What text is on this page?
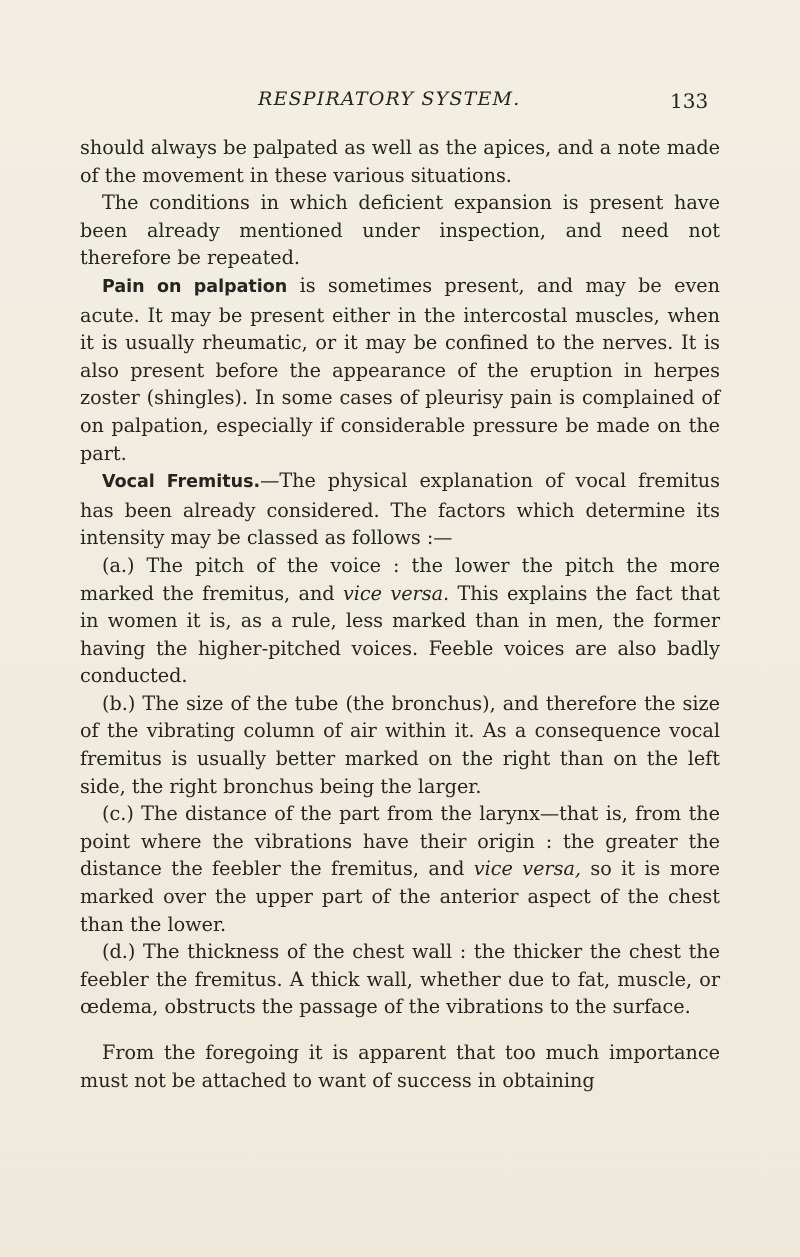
RESPIRATORY SYSTEM.	133

should always be palpated as well as the apices, and a note made of the movement in these various situations.

The conditions in which deficient expansion is present have been already mentioned under inspection, and need not therefore be repeated.

Pain on palpation is sometimes present, and may be even acute. It may be present either in the intercostal muscles, when it is usually rheumatic, or it may be confined to the nerves. It is also present before the appearance of the eruption in herpes zoster (shingles). In some cases of pleurisy pain is complained of on palpation, especially if considerable pressure be made on the part.

Vocal Fremitus.—The physical explanation of vocal fremitus has been already considered. The factors which determine its intensity may be classed as follows :—

(a.) The pitch of the voice : the lower the pitch the more marked the fremitus, and vice versa. This explains the fact that in women it is, as a rule, less marked than in men, the former having the higher-pitched voices. Feeble voices are also badly conducted.

(b.) The size of the tube (the bronchus), and therefore the size of the vibrating column of air within it. As a consequence vocal fremitus is usually better marked on the right than on the left side, the right bronchus being the larger.

(c.) The distance of the part from the larynx—that is, from the point where the vibrations have their origin : the greater the distance the feebler the fremitus, and vice versa, so it is more marked over the upper part of the anterior aspect of the chest than the lower.

(d.) The thickness of the chest wall : the thicker the chest the feebler the fremitus. A thick wall, whether due to fat, muscle, or œdema, obstructs the passage of the vibrations to the surface.

From the foregoing it is apparent that too much importance must not be attached to want of success in obtaining
